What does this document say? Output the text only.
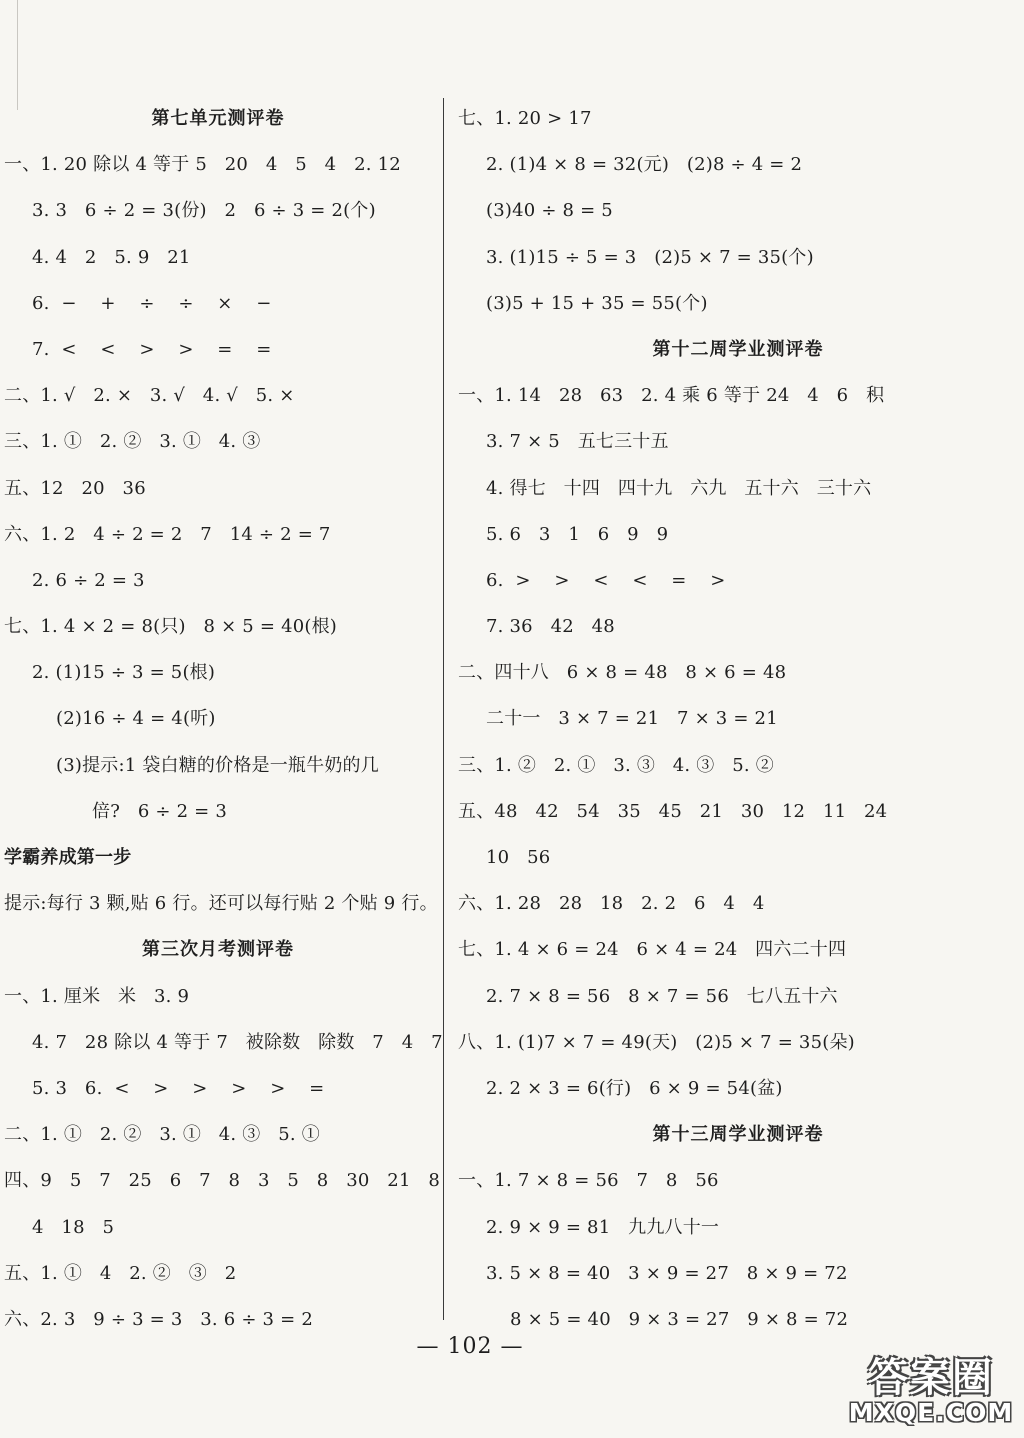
第七单元测评卷
一、1. 20 除以 4 等于 5   20   4   5   4   2. 12
3. 3   6 ÷ 2 = 3(份)   2   6 ÷ 3 = 2(个)
4. 4   2   5. 9   21
6.  −    +    ÷    ÷    ×    −
7.  <    <    >    >    =    =
二、1. √   2. ×   3. √   4. √   5. ×
三、1. ①   2. ②   3. ①   4. ③
五、12   20   36
六、1. 2   4 ÷ 2 = 2   7   14 ÷ 2 = 7
2. 6 ÷ 2 = 3
七、1. 4 × 2 = 8(只)   8 × 5 = 40(根)
2. (1)15 ÷ 3 = 5(根)
(2)16 ÷ 4 = 4(听)
(3)提示:1 袋白糖的价格是一瓶牛奶的几
倍?   6 ÷ 2 = 3
学霸养成第一步
提示:每行 3 颗,贴 6 行。还可以每行贴 2 个贴 9 行。
第三次月考测评卷
一、1. 厘米   米   3. 9
4. 7   28 除以 4 等于 7   被除数   除数   7   4   7
5. 3   6.  <    >    >    >    >    =
二、1. ①   2. ②   3. ①   4. ③   5. ①
四、9   5   7   25   6   7   8   3   5   8   30   21   8
4   18   5
五、1. ①   4   2. ②   ③   2
六、2. 3   9 ÷ 3 = 3   3. 6 ÷ 3 = 2
七、1. 20 > 17
2. (1)4 × 8 = 32(元)   (2)8 ÷ 4 = 2
(3)40 ÷ 8 = 5
3. (1)15 ÷ 5 = 3   (2)5 × 7 = 35(个)
(3)5 + 15 + 35 = 55(个)
第十二周学业测评卷
一、1. 14   28   63   2. 4 乘 6 等于 24   4   6   积
3. 7 × 5   五七三十五
4. 得七   十四   四十九   六九   五十六   三十六
5. 6   3   1   6   9   9
6.  >    >    <    <    =    >
7. 36   42   48
二、四十八   6 × 8 = 48   8 × 6 = 48
二十一   3 × 7 = 21   7 × 3 = 21
三、1. ②   2. ①   3. ③   4. ③   5. ②
五、48   42   54   35   45   21   30   12   11   24
10   56
六、1. 28   28   18   2. 2   6   4   4
七、1. 4 × 6 = 24   6 × 4 = 24   四六二十四
2. 7 × 8 = 56   8 × 7 = 56   七八五十六
八、1. (1)7 × 7 = 49(天)   (2)5 × 7 = 35(朵)
2. 2 × 3 = 6(行)   6 × 9 = 54(盆)
第十三周学业测评卷
一、1. 7 × 8 = 56   7   8   56
2. 9 × 9 = 81   九九八十一
3. 5 × 8 = 40   3 × 9 = 27   8 × 9 = 72
8 × 5 = 40   9 × 3 = 27   9 × 8 = 72
— 102 —
答案圈
MXQE.COM
